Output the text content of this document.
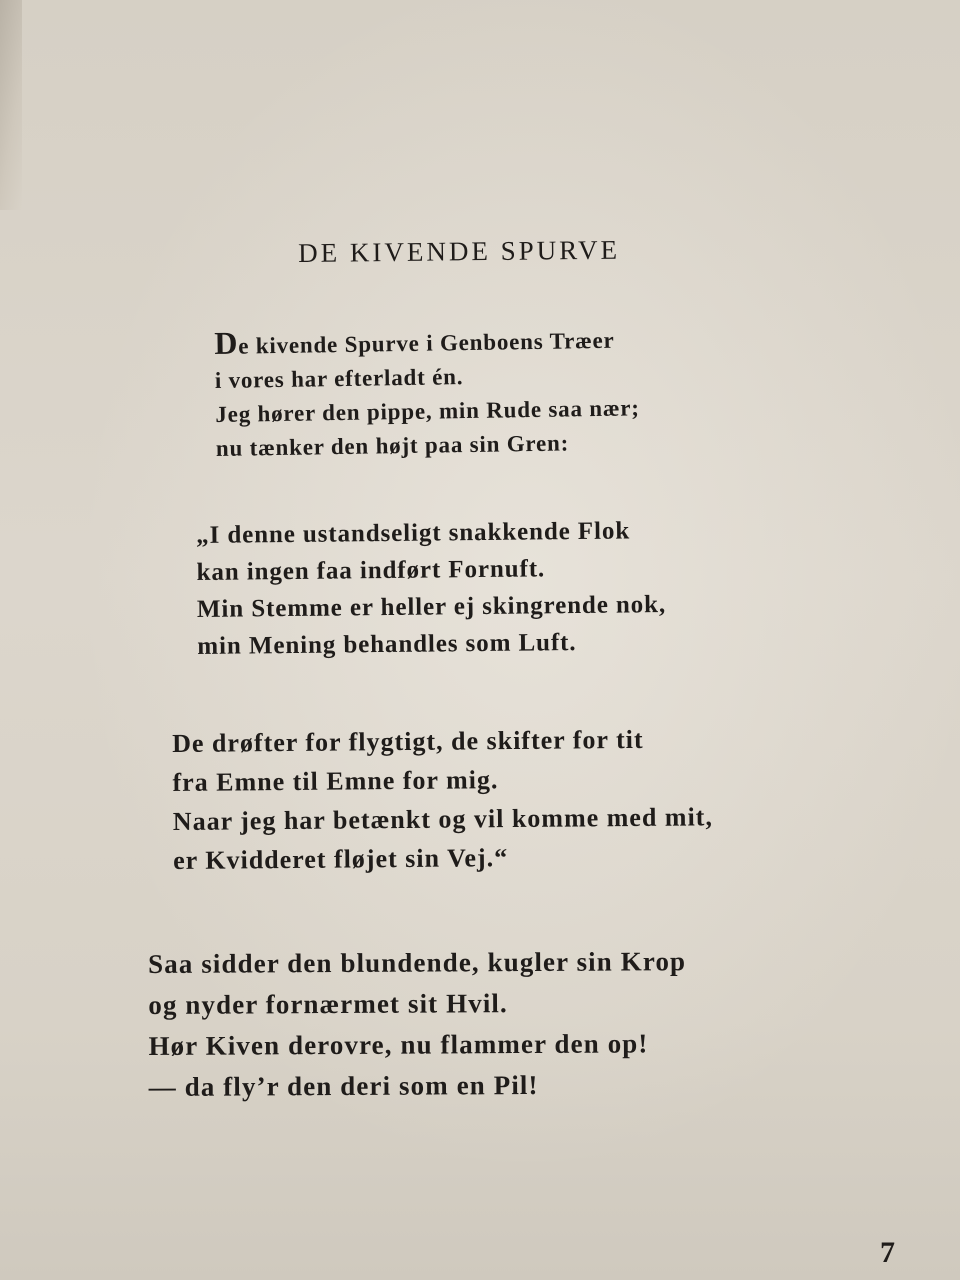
DE KIVENDE SPURVE
De kivende Spurve i Genboens Træer
i vores har efterladt én.
Jeg hører den pippe, min Rude saa nær;
nu tænker den højt paa sin Gren:
„I denne ustandseligt snakkende Flok
kan ingen faa indført Fornuft.
Min Stemme er heller ej skingrende nok,
min Mening behandles som Luft.
De drøfter for flygtigt, de skifter for tit
fra Emne til Emne for mig.
Naar jeg har betænkt og vil komme med mit,
er Kvidderet fløjet sin Vej.“
Saa sidder den blundende, kugler sin Krop
og nyder fornærmet sit Hvil.
Hør Kiven derovre, nu flammer den op!
— da fly’r den deri som en Pil!
7
